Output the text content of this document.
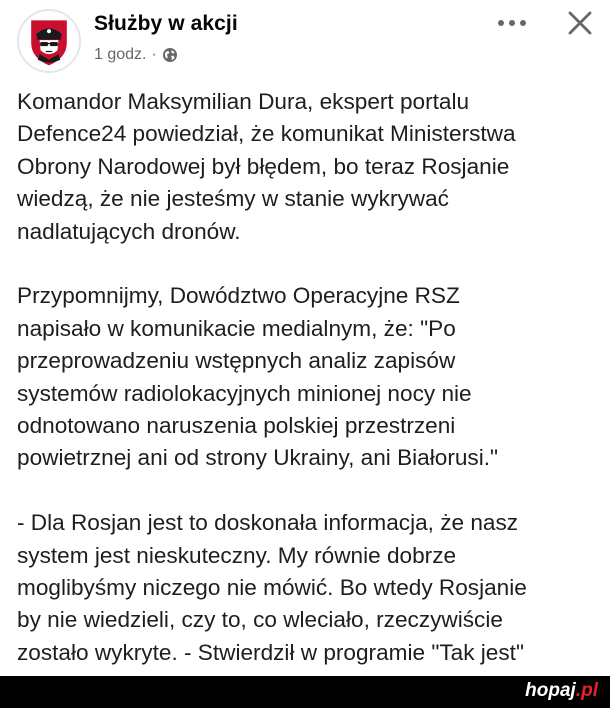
Służby w akcji
1 godz. ·

Komandor Maksymilian Dura, ekspert portalu
Defence24 powiedział, że komunikat Ministerstwa
Obrony Narodowej był błędem, bo teraz Rosjanie
wiedzą, że nie jesteśmy w stanie wykrywać
nadlatujących dronów.

Przypomnijmy, Dowództwo Operacyjne RSZ
napisało w komunikacie medialnym, że: "Po
przeprowadzeniu wstępnych analiz zapisów
systemów radiolokacyjnych minionej nocy nie
odnotowano naruszenia polskiej przestrzeni
powietrznej ani od strony Ukrainy, ani Białorusi."

- Dla Rosjan jest to doskonała informacja, że nasz
system jest nieskuteczny. My równie dobrze
moglibyśmy niczego nie mówić. Bo wtedy Rosjanie
by nie wiedzieli, czy to, co wleciało, rzeczywiście
zostało wykryte. - Stwierdził w programie "Tak jest"

hopaj.pl
